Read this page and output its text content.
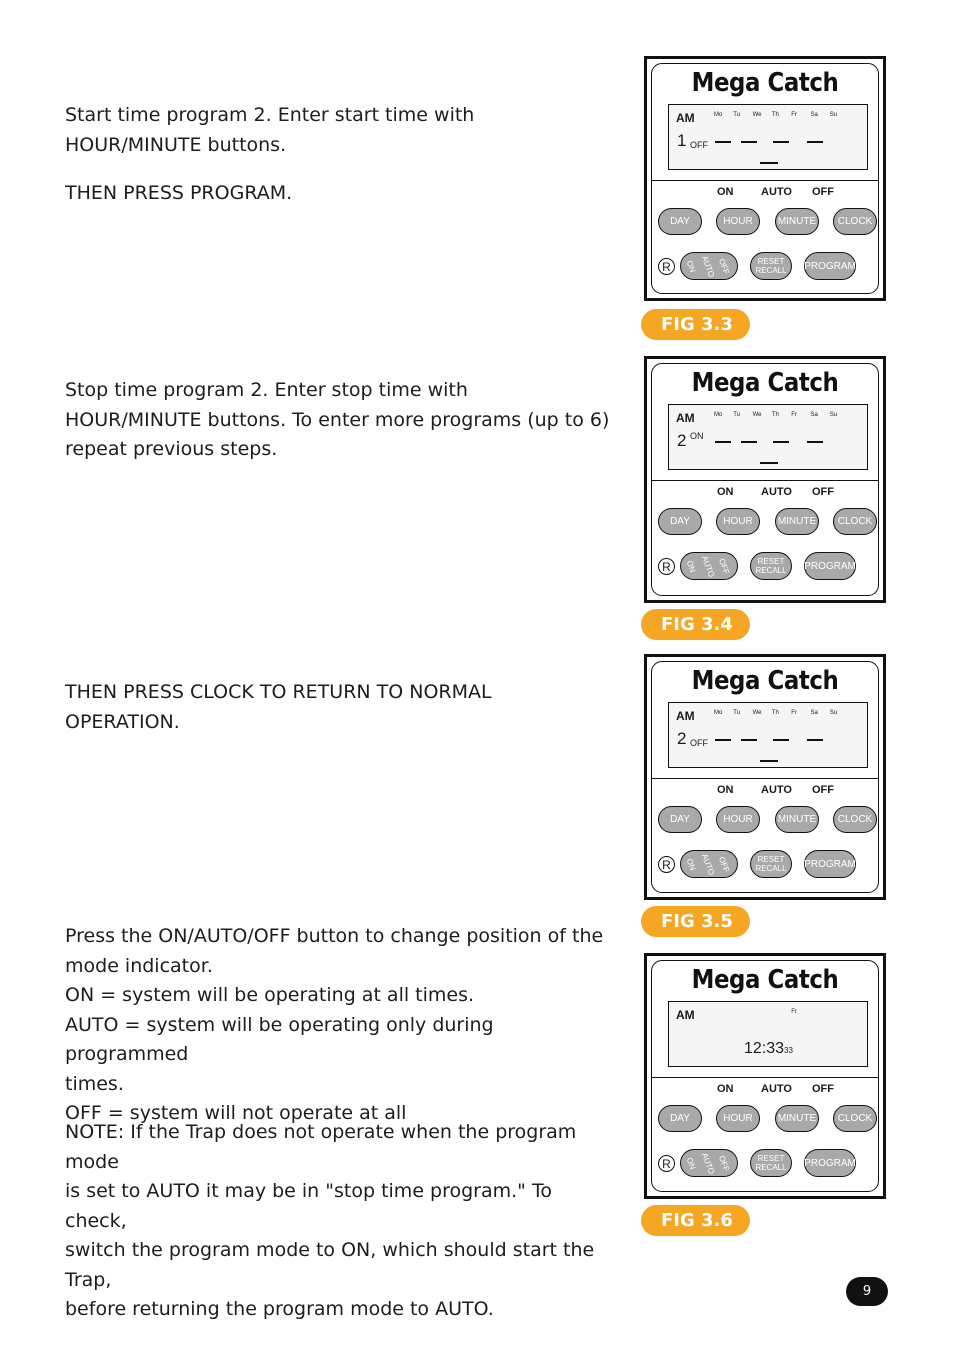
Start time program 2. Enter start time with

HOUR/MINUTE buttons.

THEN PRESS PROGRAM.

Stop time program 2. Enter stop time with

HOUR/MINUTE buttons. To enter more programs (up to 6)

repeat previous steps.

THEN PRESS CLOCK TO RETURN TO NORMAL OPERATION.

Press the ON/AUTO/OFF button to change position of the

mode indicator.

ON = system will be operating at all times.

AUTO = system will be operating only during programmed

times.

OFF = system will not operate at all

NOTE: If the Trap does not operate when the program mode

is set to AUTO it may be in "stop time program." To check,

switch the program mode to ON, which should start the Trap,

before returning the program mode to AUTO.

Mega Catch
AM	Mo Tu We Th Fr Sa Su
1 OFF
ON	AUTO OFF
DAY	HOUR	MINUTE	CLOCK
R	ON AUTO OFF	RESET
RECALL	PROGRAM
FIG 3.3
Mega Catch
AM	Mo Tu We Th Fr Sa Su
2 ON
ON	AUTO OFF
DAY	HOUR	MINUTE	CLOCK
R	ON AUTO OFF	RESET
RECALL	PROGRAM
FIG 3.4
Mega Catch
AM	Mo Tu We Th Fr Sa Su
2 OFF
ON	AUTO OFF
DAY	HOUR	MINUTE	CLOCK
R	ON AUTO OFF	RESET
RECALL	PROGRAM
FIG 3.5
Mega Catch
AM	Fr
12:3333
ON	AUTO OFF
DAY	HOUR	MINUTE	CLOCK
R	ON AUTO OFF	RESET
RECALL	PROGRAM
FIG 3.6
9
